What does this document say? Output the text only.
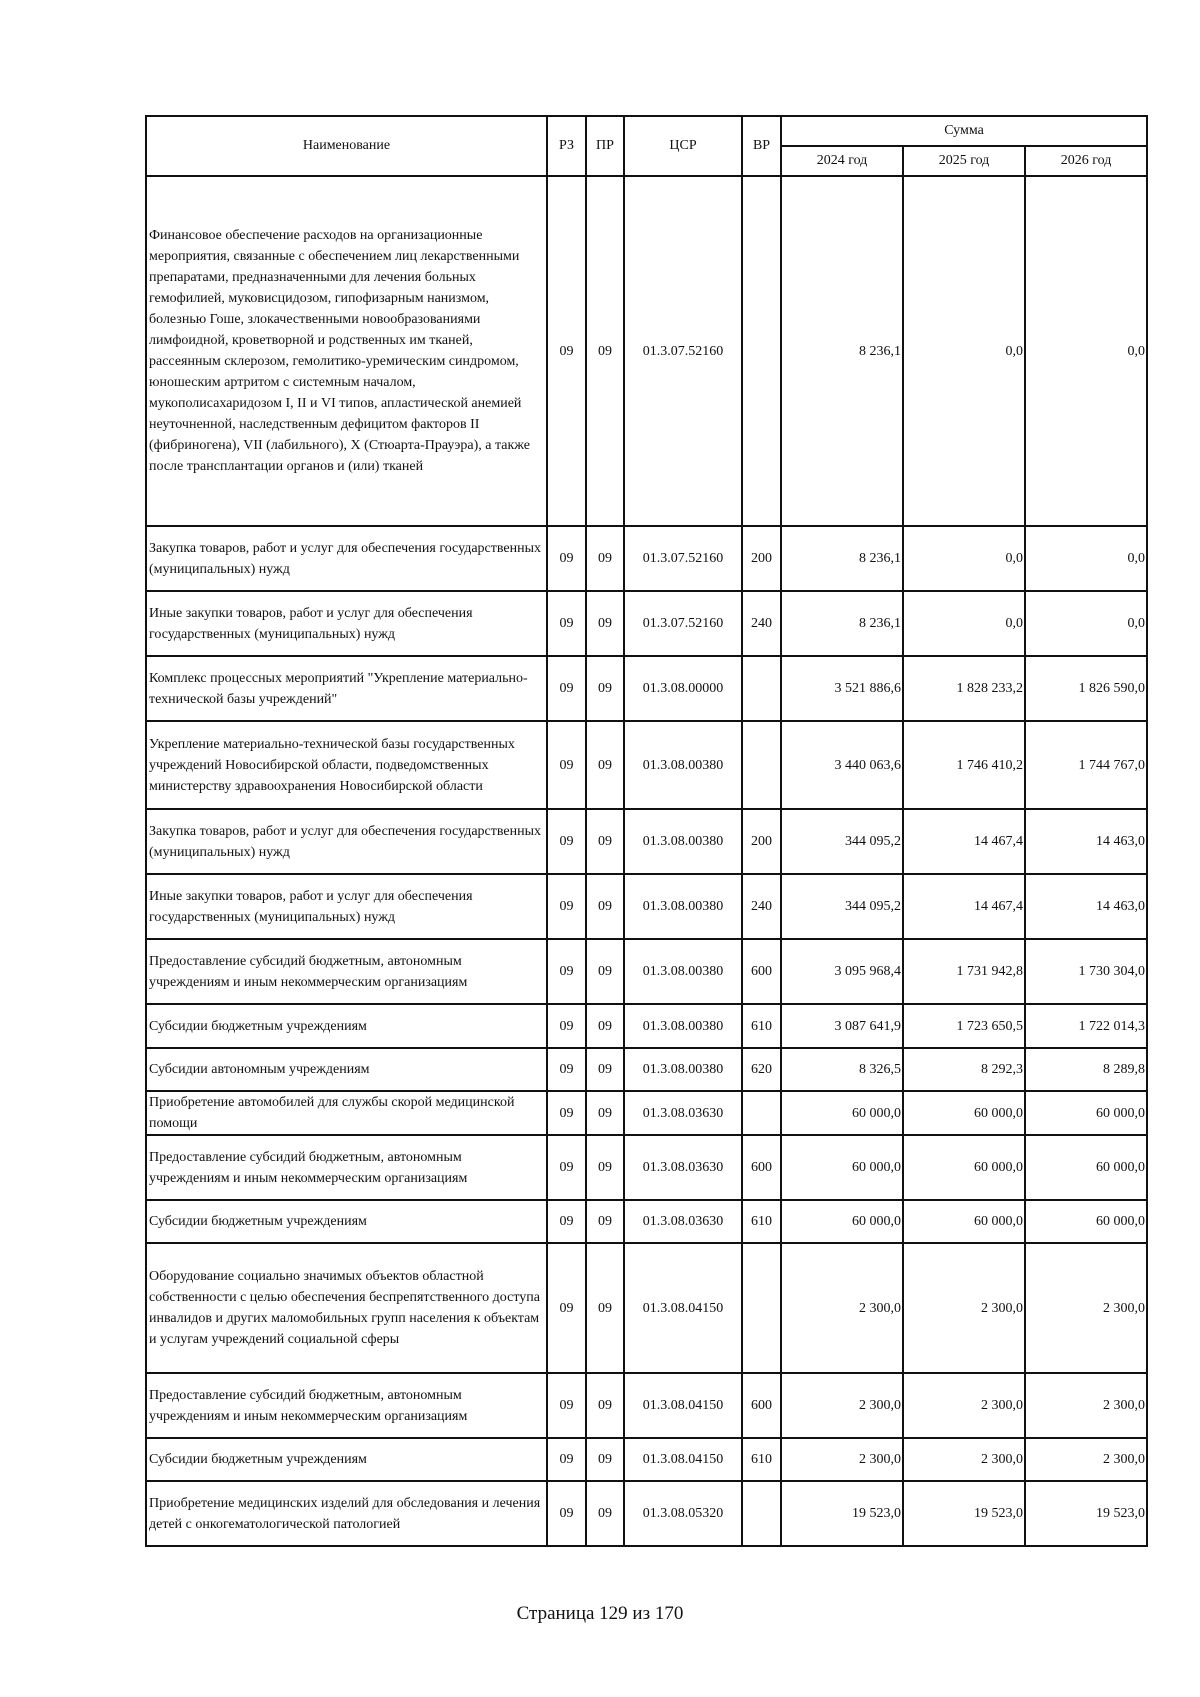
Наименование	РЗ	ПР	ЦСР	ВР	Сумма		
					2024 год	2025 год	2026 год
Финансовое обеспечение расходов на организационные мероприятия, связанные с обеспечением лиц лекарственными препаратами, предназначенными для лечения больных гемофилией, муковисцидозом, гипофизарным нанизмом, болезнью Гоше, злокачественными новообразованиями лимфоидной, кроветворной и родственных им тканей, рассеянным склерозом, гемолитико-уремическим синдромом, юношеским артритом с системным началом, мукополисахаридозом I, II и VI типов, апластической анемией неуточненной, наследственным дефицитом факторов II (фибриногена), VII (лабильного), X (Стюарта-Прауэра), а также после трансплантации органов и (или) тканей	09	09	01.3.07.52160		8 236,1	0,0	0,0
Закупка товаров, работ и услуг для обеспечения государственных (муниципальных) нужд	09	09	01.3.07.52160	200	8 236,1	0,0	0,0
Иные закупки товаров, работ и услуг для обеспечения государственных (муниципальных) нужд	09	09	01.3.07.52160	240	8 236,1	0,0	0,0
Комплекс процессных мероприятий "Укрепление материально-технической базы учреждений"	09	09	01.3.08.00000		3 521 886,6	1 828 233,2	1 826 590,0
Укрепление материально-технической базы государственных учреждений Новосибирской области, подведомственных министерству здравоохранения Новосибирской области	09	09	01.3.08.00380		3 440 063,6	1 746 410,2	1 744 767,0
Закупка товаров, работ и услуг для обеспечения государственных (муниципальных) нужд	09	09	01.3.08.00380	200	344 095,2	14 467,4	14 463,0
Иные закупки товаров, работ и услуг для обеспечения государственных (муниципальных) нужд	09	09	01.3.08.00380	240	344 095,2	14 467,4	14 463,0
Предоставление субсидий бюджетным, автономным учреждениям и иным некоммерческим организациям	09	09	01.3.08.00380	600	3 095 968,4	1 731 942,8	1 730 304,0
Субсидии бюджетным учреждениям	09	09	01.3.08.00380	610	3 087 641,9	1 723 650,5	1 722 014,3
Субсидии автономным учреждениям	09	09	01.3.08.00380	620	8 326,5	8 292,3	8 289,8
Приобретение автомобилей для службы скорой медицинской помощи	09	09	01.3.08.03630		60 000,0	60 000,0	60 000,0
Предоставление субсидий бюджетным, автономным учреждениям и иным некоммерческим организациям	09	09	01.3.08.03630	600	60 000,0	60 000,0	60 000,0
Субсидии бюджетным учреждениям	09	09	01.3.08.03630	610	60 000,0	60 000,0	60 000,0
Оборудование социально значимых объектов областной собственности с целью обеспечения беспрепятственного доступа инвалидов и других маломобильных групп населения к объектам и услугам учреждений социальной сферы	09	09	01.3.08.04150		2 300,0	2 300,0	2 300,0
Предоставление субсидий бюджетным, автономным учреждениям и иным некоммерческим организациям	09	09	01.3.08.04150	600	2 300,0	2 300,0	2 300,0
Субсидии бюджетным учреждениям	09	09	01.3.08.04150	610	2 300,0	2 300,0	2 300,0
Приобретение медицинских изделий для обследования и лечения детей с онкогематологической патологией	09	09	01.3.08.05320		19 523,0	19 523,0	19 523,0
Страница 129 из 170
